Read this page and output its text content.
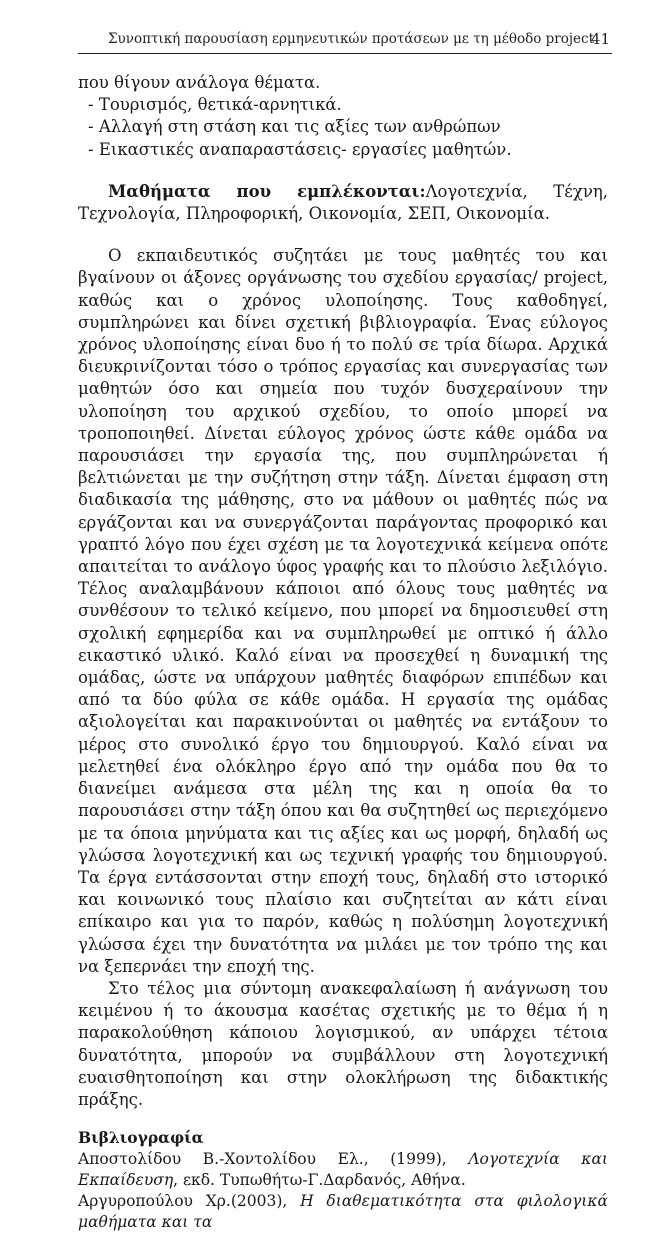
Συνοπτική παρουσίαση ερμηνευτικών προτάσεων με τη μέθοδο project
41

που θίγουν ανάλογα θέματα.

- Τουρισμός, θετικά-αρνητικά.
- Αλλαγή στη στάση και τις αξίες των ανθρώπων
- Εικαστικές αναπαραστάσεις- εργασίες μαθητών.

Μαθήματα που εμπλέκονται:Λογοτεχνία, Τέχνη, Τεχνολογία, Πληροφορική, Οικονομία, ΣΕΠ, Οικονομία.

Ο εκπαιδευτικός συζητάει με τους μαθητές του και βγαίνουν οι άξονες οργάνωσης του σχεδίου εργασίας/ project, καθώς και ο χρόνος υλοποίησης. Τους καθοδηγεί, συμπληρώνει και δίνει σχετική βιβλιογραφία. Ένας εύλογος χρόνος υλοποίησης είναι δυο ή το πολύ σε τρία δίωρα. Αρχικά διευκρινίζονται τόσο ο τρόπος εργασίας και συνεργασίας των μαθητών όσο και σημεία που τυχόν δυσχεραίνουν την υλοποίηση του αρχικού σχεδίου, το οποίο μπορεί να τροποποιηθεί. Δίνεται εύλογος χρόνος ώστε κάθε ομάδα να παρουσιάσει την εργασία της, που συμπληρώνεται ή βελτιώνεται με την συζήτηση στην τάξη. Δίνεται έμφαση στη διαδικασία της μάθησης, στο να μάθουν οι μαθητές πώς να εργάζονται και να συνεργάζονται παράγοντας προφορικό και γραπτό λόγο που έχει σχέση με τα λογοτεχνικά κείμενα οπότε απαιτείται το ανάλογο ύφος γραφής και το πλούσιο λεξιλόγιο. Τέλος αναλαμβάνουν κάποιοι από όλους τους μαθητές να συνθέσουν το τελικό κείμενο, που μπορεί να δημοσιευθεί στη σχολική εφημερίδα και να συμπληρωθεί με οπτικό ή άλλο εικαστικό υλικό. Καλό είναι να προσεχθεί η δυναμική της ομάδας, ώστε να υπάρχουν μαθητές διαφόρων επιπέδων και από τα δύο φύλα σε κάθε ομάδα. Η εργασία της ομάδας αξιολογείται και παρακινούνται οι μαθητές να εντάξουν το μέρος στο συνολικό έργο του δημιουργού. Καλό είναι να μελετηθεί ένα ολόκληρο έργο από την ομάδα που θα το διανείμει ανάμεσα στα μέλη της και η οποία θα το παρουσιάσει στην τάξη όπου και θα συζητηθεί ως περιεχόμενο με τα όποια μηνύματα και τις αξίες και ως μορφή, δηλαδή ως γλώσσα λογοτεχνική και ως τεχνική γραφής του δημιουργού. Τα έργα εντάσσονται στην εποχή τους, δηλαδή στο ιστορικό και κοινωνικό τους πλαίσιο και συζητείται αν κάτι είναι επίκαιρο και για το παρόν, καθώς η πολύσημη λογοτεχνική γλώσσα έχει την δυνατότητα να μιλάει με τον τρόπο της και να ξεπερνάει την εποχή της.

Στο τέλος μια σύντομη ανακεφαλαίωση ή ανάγνωση του κειμένου ή το άκουσμα κασέτας σχετικής με το θέμα ή η παρακολούθηση κάποιου λογισμικού, αν υπάρχει τέτοια δυνατότητα, μπορούν να συμβάλλουν στη λογοτεχνική ευαισθητοποίηση και στην ολοκλήρωση της διδακτικής πράξης.

Βιβλιογραφία

Αποστολίδου Β.-Χοντολίδου Ελ., (1999), Λογοτεχνία και Εκπαίδευση, εκδ. Τυπωθήτω-Γ.Δαρδανός, Αθήνα.

Αργυροπούλου Χρ.(2003), Η διαθεματικότητα στα φιλολογικά μαθήματα και τα
